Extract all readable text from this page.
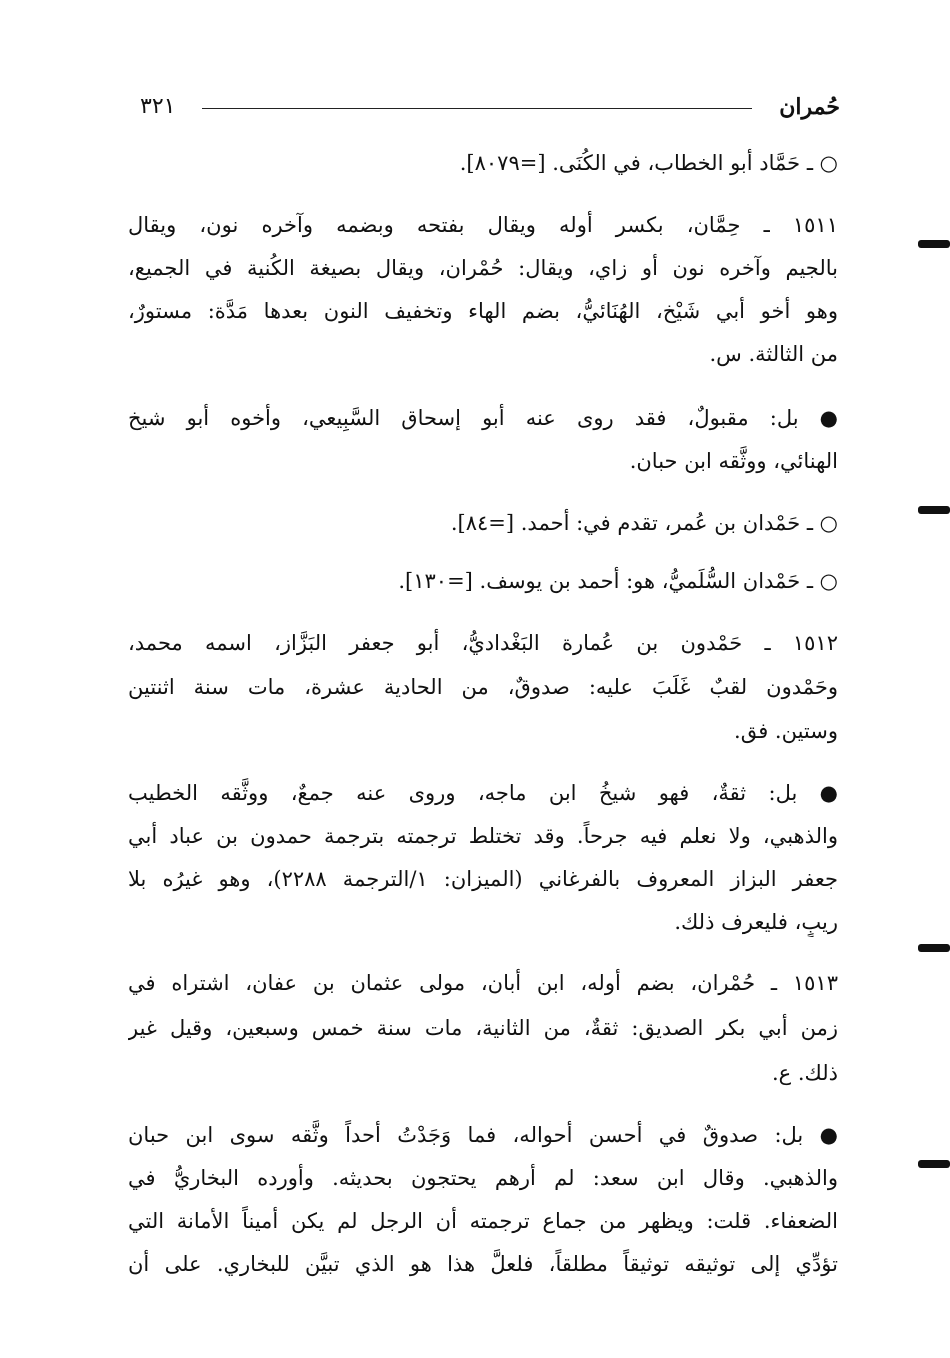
حُمران
٣٢١
○ ـ حَمَّاد أبو الخطاب، في الكُنَى. [=٨٠٧٩].
١٥١١ ـ حِمَّان، بكسر أوله ويقال بفتحه وبضمه وآخره نون، ويقال
بالجيم وآخره نون أو زاي، ويقال: حُمْران، ويقال بصيغة الكُنية في الجميع،
وهو أخو أبي شَيْخ، الهُنَائيُّ، بضم الهاء وتخفيف النون بعدها مَدَّة: مستورٌ،
من الثالثة. س.
● بل: مقبولٌ، فقد روى عنه أبو إسحاق السَّبِيعي، وأخوه أبو شيخ
الهنائي، ووثَّقه ابن حبان.
○ ـ حَمْدان بن عُمر، تقدم في: أحمد. [=٨٤].
○ ـ حَمْدان السُّلَميُّ، هو: أحمد بن يوسف. [=١٣٠].
١٥١٢ ـ حَمْدون بن عُمارة البَغْداديُّ، أبو جعفر البَزَّاز، اسمه محمد،
وحَمْدون لقبٌ غَلَبَ عليه: صدوقٌ، من الحادية عشرة، مات سنة اثنتين
وستين. فق.
● بل: ثقةٌ، فهو شيخُ ابن ماجه، وروى عنه جمعٌ، ووثَّقه الخطيب
والذهبي، ولا نعلم فيه جرحاً. وقد تختلط ترجمته بترجمة حمدون بن عباد أبي
جعفر البزاز المعروف بالفرغاني (الميزان: ١/الترجمة ٢٢٨٨)، وهو غيرُه بلا
ريبٍ، فليعرف ذلك.
١٥١٣ ـ حُمْران، بضم أوله، ابن أبان، مولى عثمان بن عفان، اشتراه في
زمن أبي بكر الصديق: ثقةٌ، من الثانية، مات سنة خمس وسبعين، وقيل غير
ذلك. ع.
● بل: صدوقٌ في أحسن أحواله، فما وَجَدْتُ أحداً وثَّقه سوى ابن حبان
والذهبي. وقال ابن سعد: لم أرهم يحتجون بحديثه. وأورده البخاريُّ في
الضعفاء. قلت: ويظهر من جماع ترجمته أن الرجل لم يكن أميناً الأمانة التي
تؤدِّي إلى توثيقه توثيقاً مطلقاً، فلعلَّ هذا هو الذي تبيَّن للبخاري. على أن
